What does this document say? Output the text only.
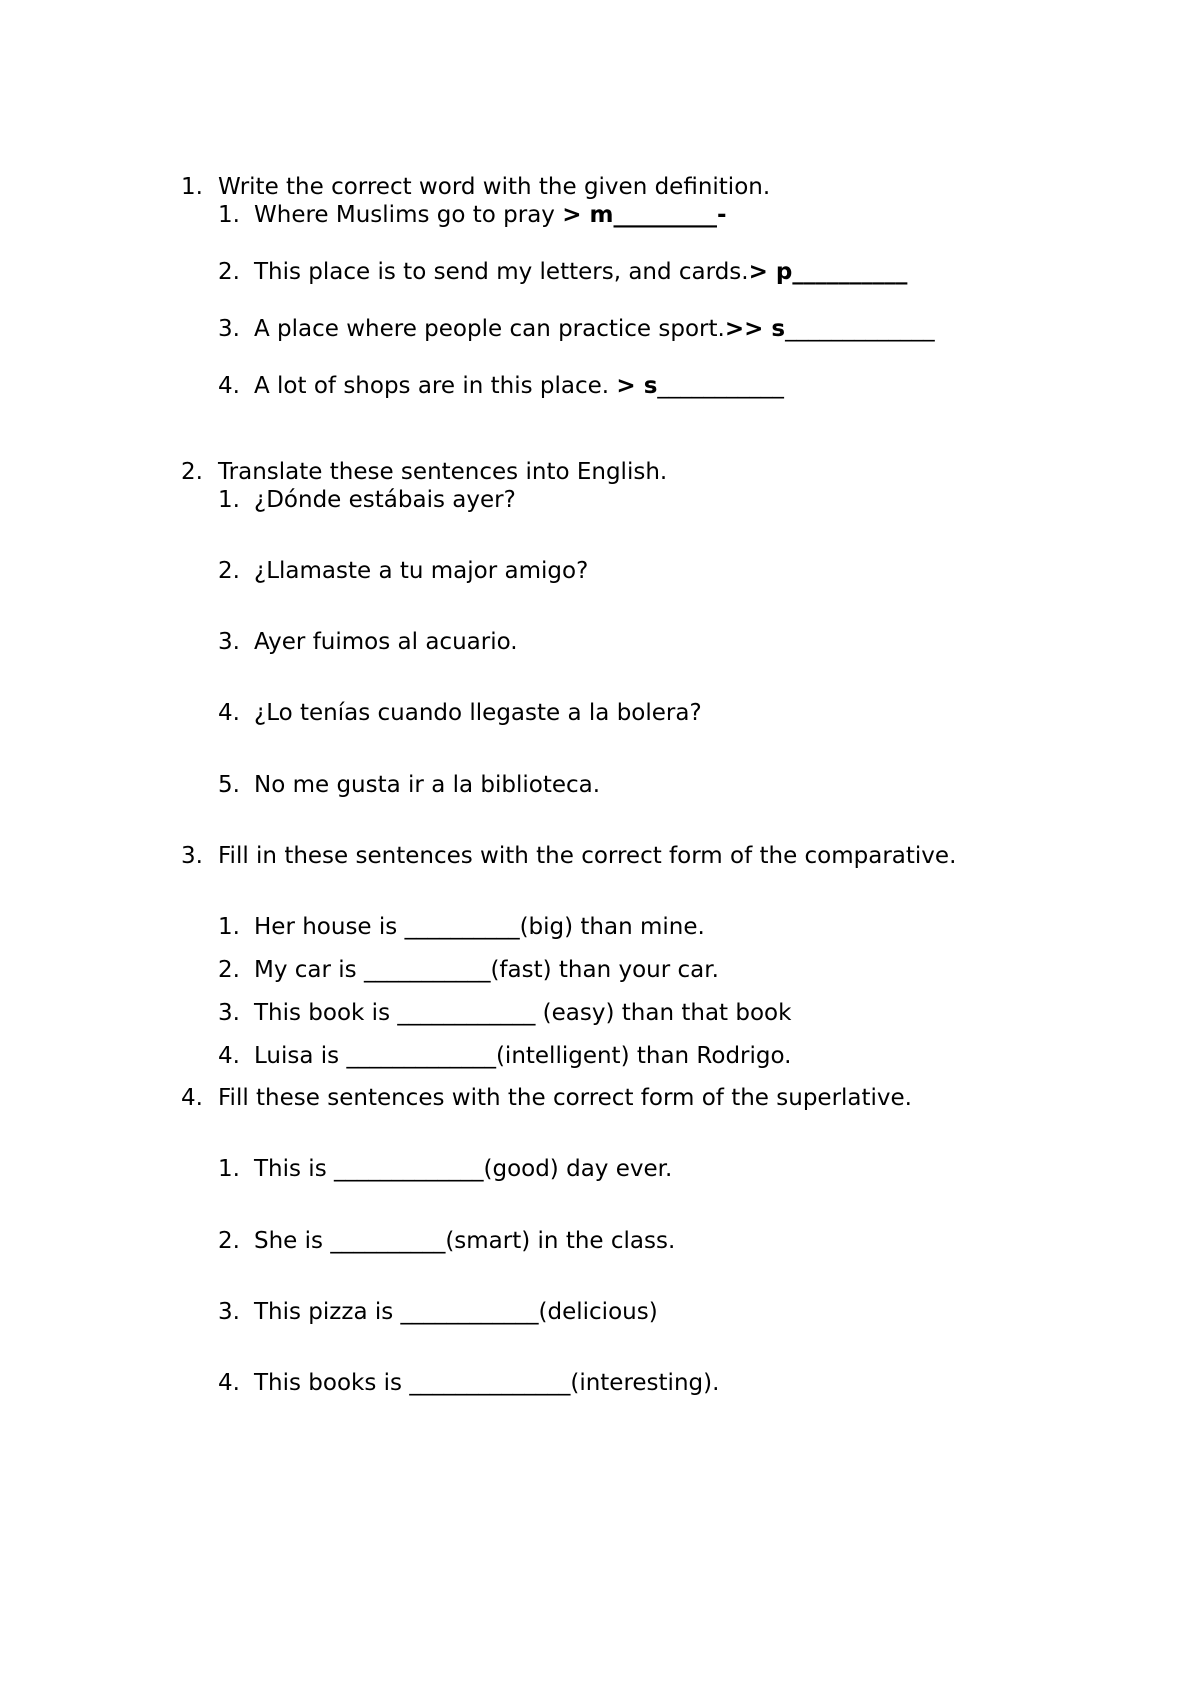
1. Write the correct word with the given definition.
1. Where Muslims go to pray > m_________-
2. This place is to send my letters, and cards.> p__________
3. A place where people can practice sport.>> s_____________
4. A lot of shops are in this place. > s___________
2. Translate these sentences into English.
1. ¿Dónde estábais ayer?
2. ¿Llamaste a tu major amigo?
3. Ayer fuimos al acuario.
4. ¿Lo tenías cuando llegaste a la bolera?
5. No me gusta ir a la biblioteca.
3. Fill in these sentences with the correct form of the comparative.
1. Her house is __________(big) than mine.
2. My car is ___________(fast) than your car.
3. This book is ____________ (easy) than that book
4. Luisa is _____________(intelligent) than Rodrigo.
4. Fill these sentences with the correct form of the superlative.
1. This is _____________(good) day ever.
2. She is __________(smart) in the class.
3. This pizza is ____________(delicious)
4. This books is ______________(interesting).
